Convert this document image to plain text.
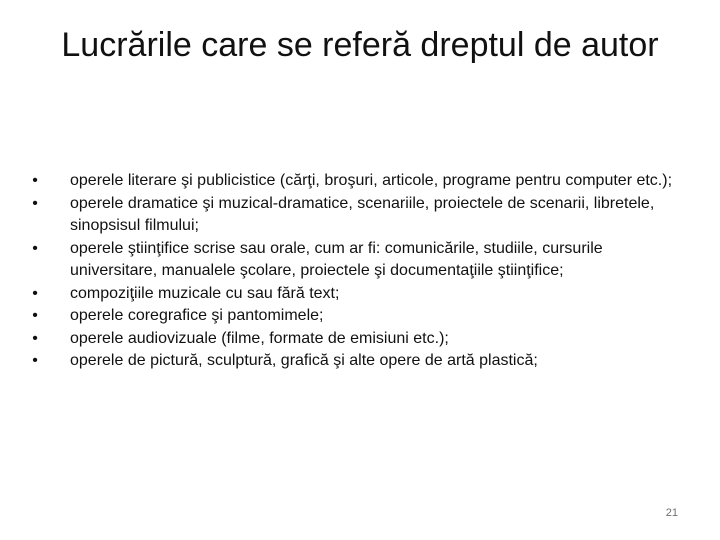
Lucrările care se referă dreptul de autor
• operele literare şi publicistice (cărţi, broşuri, articole, programe pentru computer etc.);
• operele dramatice şi muzical-dramatice, scenariile, proiectele de scenarii, libretele, sinopsisul filmului;
• operele ştiinţifice scrise sau orale, cum ar fi: comunicările, studiile, cursurile universitare, manualele şcolare, proiectele şi documentaţiile ştiinţifice;
• compoziţiile muzicale cu sau fără text;
• operele coregrafice şi pantomimele;
• operele audiovizuale (filme, formate de emisiuni etc.);
• operele de pictură, sculptură, grafică şi alte opere de artă plastică;
21
